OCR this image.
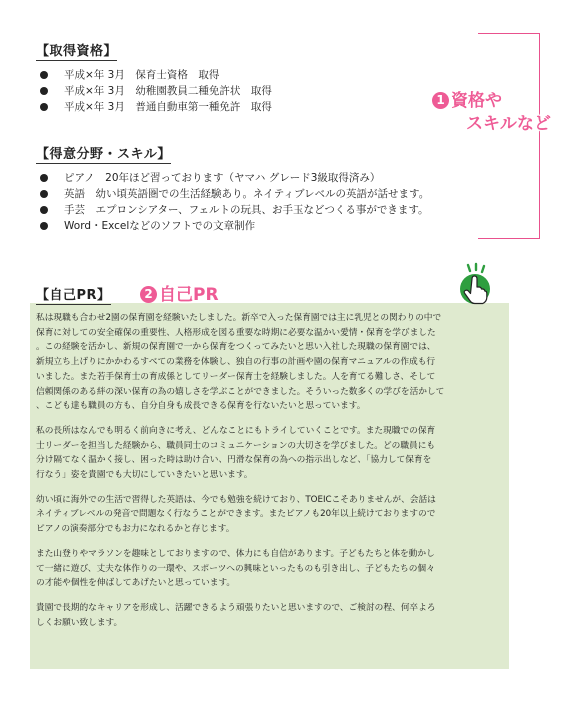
【取得資格】
平成×年 3月　保育士資格　取得
平成×年 3月　幼稚園教員二種免許状　取得
平成×年 3月　普通自動車第一種免許　取得
【得意分野・スキル】
ピアノ　20年ほど習っております（ヤマハ グレード3級取得済み）
英語　幼い頃英語圏での生活経験あり。ネイティブレベルの英語が話せます。
手芸　エプロンシアター、フェルトの玩具、お手玉などつくる事ができます。
Word・Excelなどのソフトでの文章制作
1 資格や
スキルなど
【自己PR】	2 自己PR

私は現職も合わせ2園の保育園を経験いたしました。新卒で入った保育園では主に乳児との関わりの中で
保育に対しての安全確保の重要性、人格形成を図る重要な時期に必要な温かい愛情・保育を学びました
。この経験を活かし、新規の保育園で一から保育をつくってみたいと思い入社した現職の保育園では、
新規立ち上げりにかかわるすべての業務を体験し、独自の行事の計画や園の保育マニュアルの作成も行
いました。また若手保育士の育成係としてリーダー保育士を経験しました。人を育てる難しさ、そして
信頼関係のある絆の深い保育の為の嬉しさを学ぶことができました。そういった数多くの学びを活かして
、こども達も職員の方も、自分自身も成長できる保育を行ないたいと思っています。

私の長所はなんでも明るく前向きに考え、どんなことにもトライしていくことです。また現職での保育
士リーダーを担当した経験から、職員同士のコミュニケーションの大切さを学びました。どの職員にも
分け隔てなく温かく接し、困った時は助け合い、円滑な保育の為への指示出しなど、「協力して保育を
行なう」姿を貴園でも大切にしていきたいと思います。

幼い頃に海外での生活で習得した英語は、今でも勉強を続けており、TOEICこそありませんが、会話は
ネイティブレベルの発音で問題なく行なうことができます。またピアノも20年以上続けておりますので
ピアノの演奏部分でもお力になれるかと存じます。

また山登りやマラソンを趣味としておりますので、体力にも自信があります。子どもたちと体を動かし
て一緒に遊び、丈夫な体作りの一環や、スポーツへの興味といったものも引き出し、子どもたちの個々
の才能や個性を伸ばしてあげたいと思っています。

貴園で長期的なキャリアを形成し、活躍できるよう頑張りたいと思いますので、ご検討の程、何卒よろ
しくお願い致します。
